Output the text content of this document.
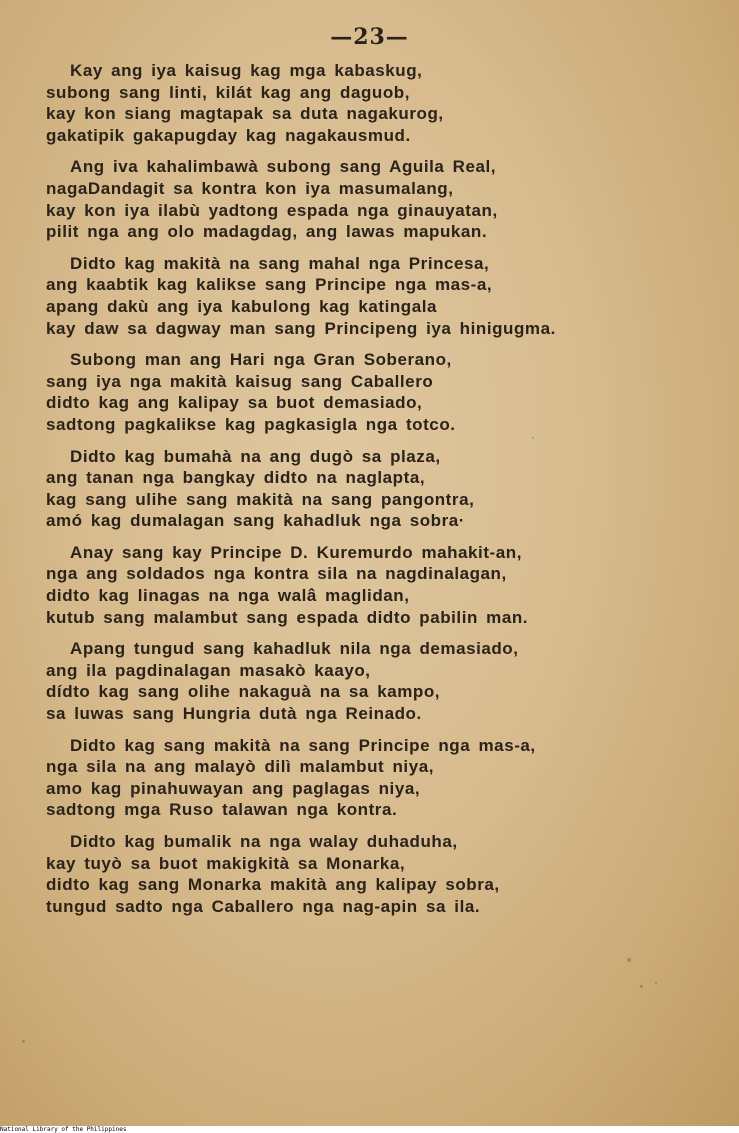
—23—
Kay ang iya kaisug kag mga kabaskug,
subong sang linti, kilát kag ang daguob,
kay kon siang magtapak sa duta nagakurog,
gakatipik gakapugday kag nagakausmud.
Ang iva kahalimbawà subong sang Aguila Real,
nagaDandagit sa kontra kon iya masumalang,
kay kon iya ilabù yadtong espada nga ginauyatan,
pilit nga ang olo madagdag, ang lawas mapukan.
Didto kag makità na sang mahal nga Princesa,
ang kaabtik kag kalikse sang Principe nga mas-a,
apang dakù ang iya kabulong kag katingala
kay daw sa dagway man sang Principeng iya hinigugma.
Subong man ang Hari nga Gran Soberano,
sang iya nga makità kaisug sang Caballero
didto kag ang kalipay sa buot demasiado,
sadtong pagkalikse kag pagkasigla nga totco.
Didto kag bumahà na ang dugò sa plaza,
ang tanan nga bangkay didto na naglapta,
kag sang ulihe sang makità na sang pangontra,
amó kag dumalagan sang kahadluk nga sobra·
Anay sang kay Principe D. Kuremurdo mahakit-an,
nga ang soldados nga kontra sila na nagdinalagan,
didto kag linagas na nga walâ maglidan,
kutub sang malambut sang espada didto pabilin man.
Apang tungud sang kahadluk nila nga demasiado,
ang ila pagdinalagan masakò kaayo,
dídto kag sang olihe nakaguà na sa kampo,
sa luwas sang Hungria dutà nga Reinado.
Didto kag sang makità na sang Principe nga mas-a,
nga sila na ang malayò dilì malambut niya,
amo kag pinahuwayan ang paglagas niya,
sadtong mga Ruso talawan nga kontra.
Didto kag bumalik na nga walay duhaduha,
kay tuyò sa buot makigkità sa Monarka,
didto kag sang Monarka makità ang kalipay sobra,
tungud sadto nga Caballero nga nag-apin sa ila.
National Library of the Philippines
